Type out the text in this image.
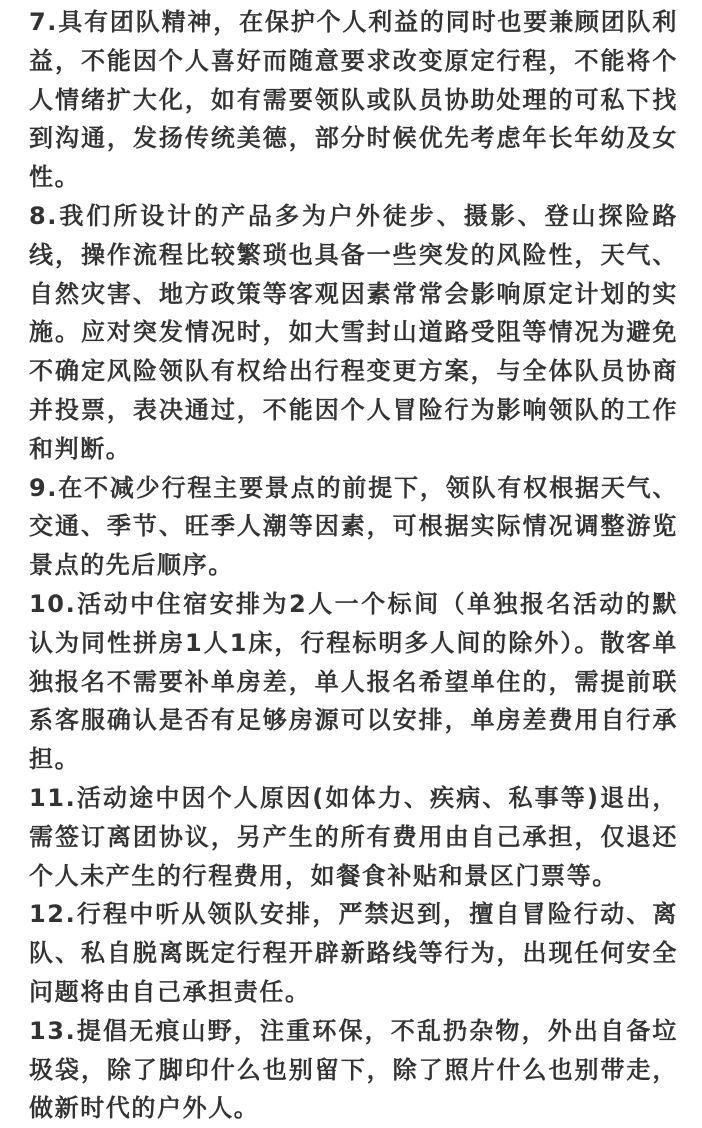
7.具有团队精神，在保护个人利益的同时也要兼顾团队利益，不能因个人喜好而随意要求改变原定行程，不能将个人情绪扩大化，如有需要领队或队员协助处理的可私下找到沟通，发扬传统美德，部分时候优先考虑年长年幼及女性。

8.我们所设计的产品多为户外徒步、摄影、登山探险路线，操作流程比较繁琐也具备一些突发的风险性，天气、自然灾害、地方政策等客观因素常常会影响原定计划的实施。应对突发情况时，如大雪封山道路受阻等情况为避免不确定风险领队有权给出行程变更方案，与全体队员协商并投票，表决通过，不能因个人冒险行为影响领队的工作和判断。

9.在不减少行程主要景点的前提下，领队有权根据天气、交通、季节、旺季人潮等因素，可根据实际情况调整游览景点的先后顺序。

10.活动中住宿安排为2人一个标间（单独报名活动的默认为同性拼房1人1床，行程标明多人间的除外）。散客单独报名不需要补单房差，单人报名希望单住的，需提前联系客服确认是否有足够房源可以安排，单房差费用自行承担。

11.活动途中因个人原因(如体力、疾病、私事等)退出，需签订离团协议，另产生的所有费用由自己承担，仅退还个人未产生的行程费用，如餐食补贴和景区门票等。

12.行程中听从领队安排，严禁迟到，擅自冒险行动、离队、私自脱离既定行程开辟新路线等行为，出现任何安全问题将由自己承担责任。

13.提倡无痕山野，注重环保，不乱扔杂物，外出自备垃圾袋，除了脚印什么也别留下，除了照片什么也别带走，做新时代的户外人。
